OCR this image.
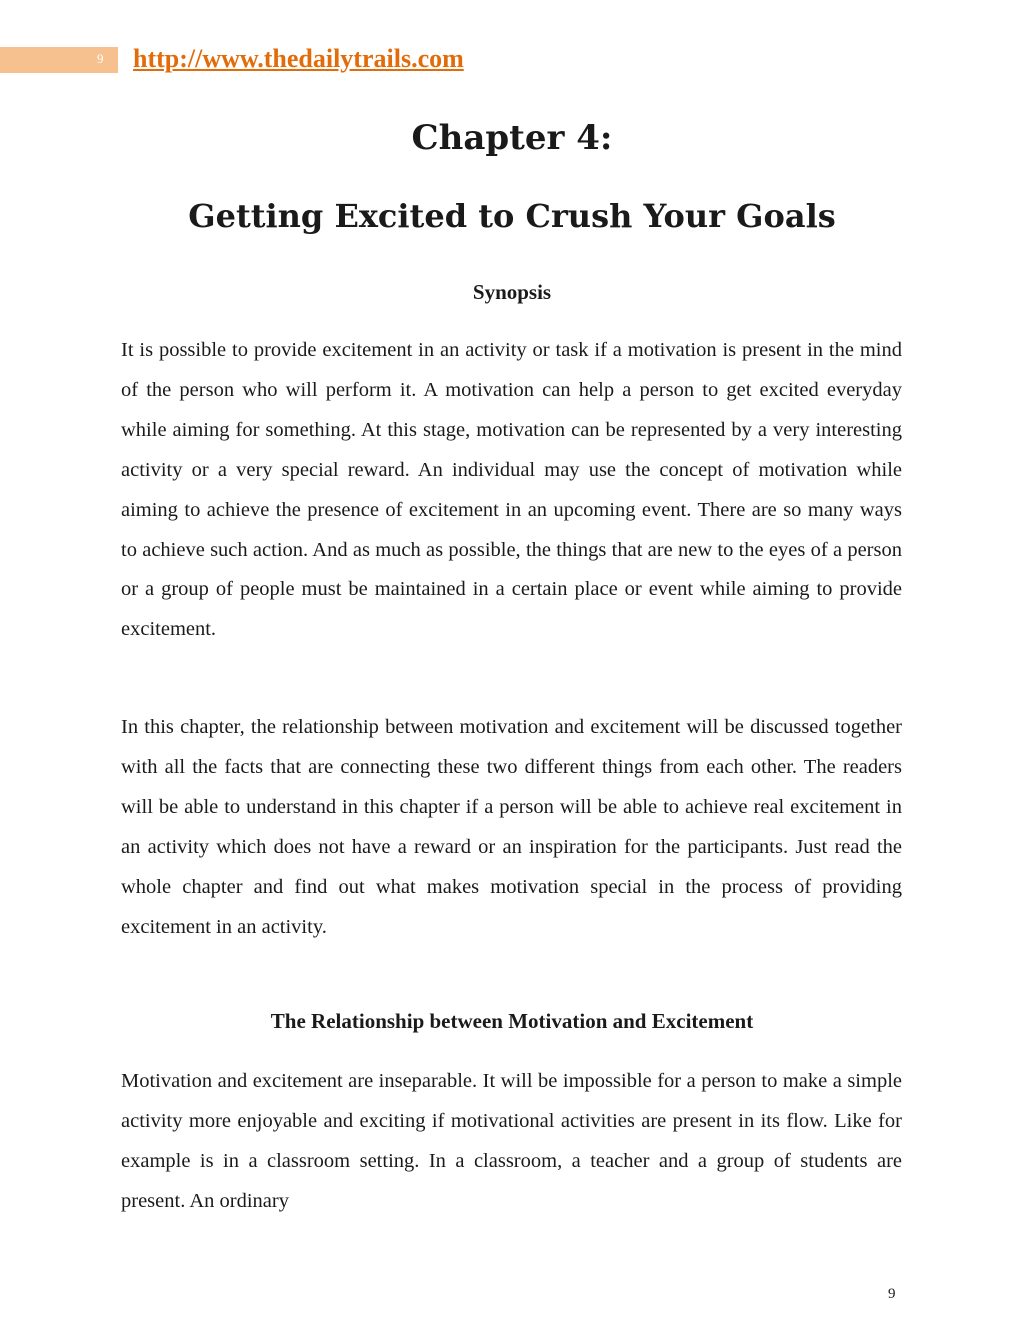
9 http://www.thedailytrails.com
Chapter 4:
Getting Excited to Crush Your Goals
Synopsis

It is possible to provide excitement in an activity or task if a motivation is present in the mind of the person who will perform it. A motivation can help a person to get excited everyday while aiming for something. At this stage, motivation can be represented by a very interesting activity or a very special reward. An individual may use the concept of motivation while aiming to achieve the presence of excitement in an upcoming event. There are so many ways to achieve such action. And as much as possible, the things that are new to the eyes of a person or a group of people must be maintained in a certain place or event while aiming to provide excitement.

In this chapter, the relationship between motivation and excitement will be discussed together with all the facts that are connecting these two different things from each other. The readers will be able to understand in this chapter if a person will be able to achieve real excitement in an activity which does not have a reward or an inspiration for the participants. Just read the whole chapter and find out what makes motivation special in the process of providing excitement in an activity.

The Relationship between Motivation and Excitement

Motivation and excitement are inseparable. It will be impossible for a person to make a simple activity more enjoyable and exciting if motivational activities are present in its flow. Like for example is in a classroom setting. In a classroom, a teacher and a group of students are present. An ordinary

9
